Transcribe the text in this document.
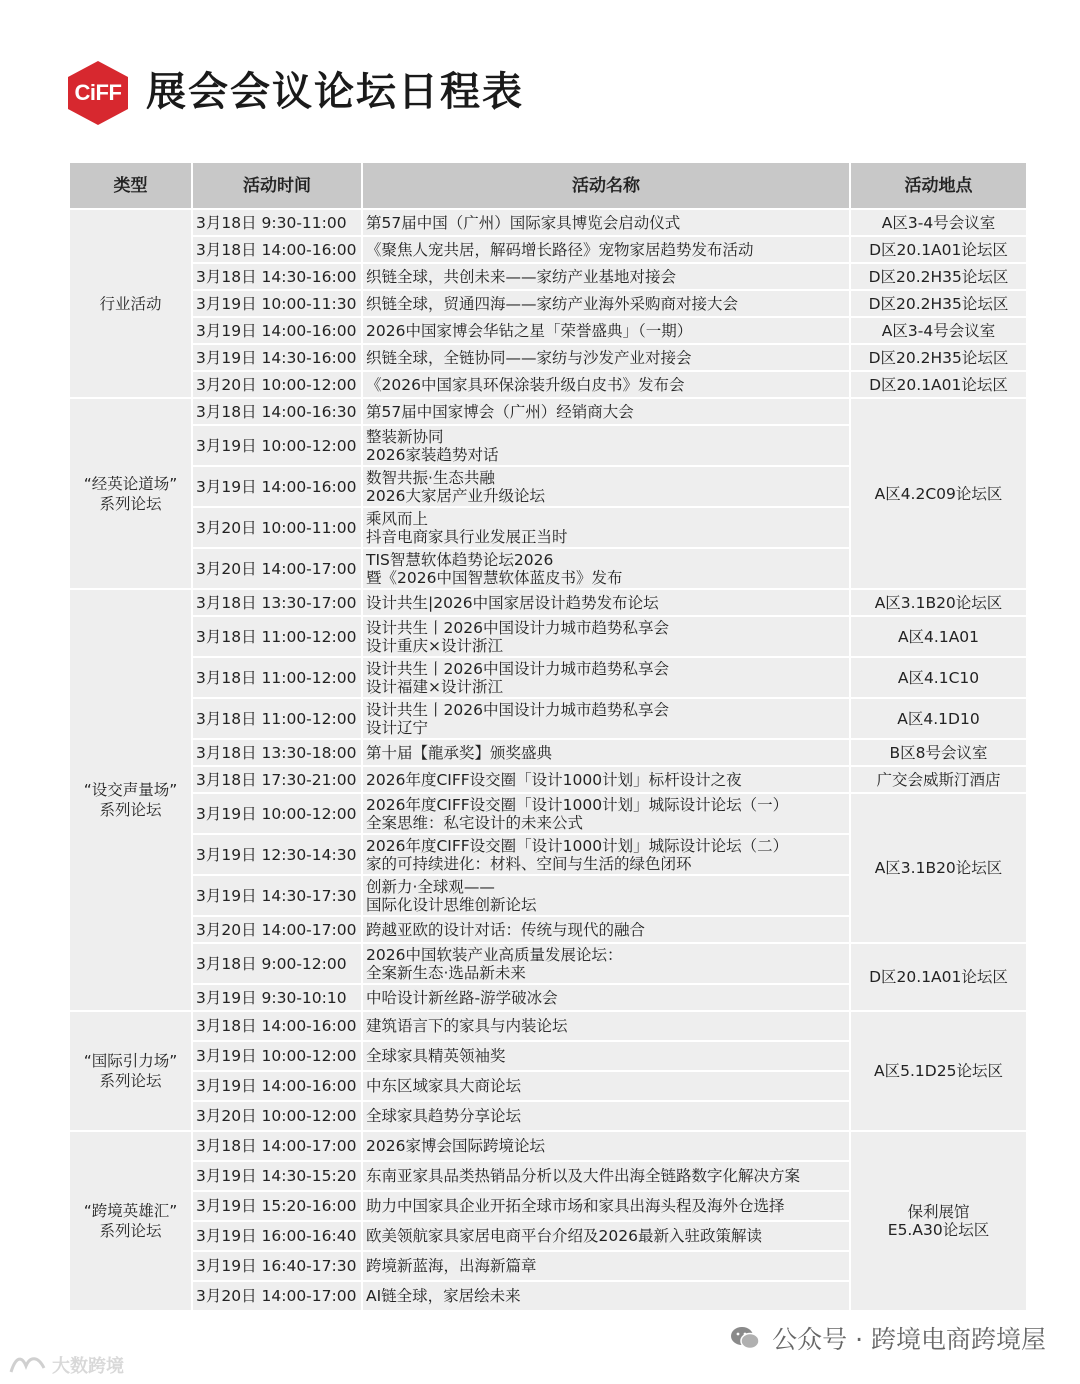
CiFF 展会会议论坛日程表
类型	活动时间	活动名称	活动地点

行业活动	3月18日 9:30-11:00	第57届中国（广州）国际家具博览会启动仪式	A区3-4号会议室

	3月18日 14:00-16:00	《聚焦人宠共居，解码增长路径》宠物家居趋势发布活动	D区20.1A01论坛区

	3月18日 14:30-16:00	织链全球，共创未来——家纺产业基地对接会	D区20.2H35论坛区

	3月19日 10:00-11:30	织链全球，贸通四海——家纺产业海外采购商对接大会	D区20.2H35论坛区

	3月19日 14:00-16:00	2026中国家博会华钻之星「荣誉盛典」（一期）	A区3-4号会议室

	3月19日 14:30-16:00	织链全球，全链协同——家纺与沙发产业对接会	D区20.2H35论坛区

	3月20日 10:00-12:00	《2026中国家具环保涂装升级白皮书》发布会	D区20.1A01论坛区

“经英论道场”
系列论坛	3月18日 14:00-16:30	第57届中国家博会（广州）经销商大会	A区4.2C09论坛区

	3月19日 10:00-12:00	整装新协同
2026家装趋势对话	

	3月19日 14:00-16:00	数智共振·生态共融
2026大家居产业升级论坛	

	3月20日 10:00-11:00	乘风而上
抖音电商家具行业发展正当时	

	3月20日 14:00-17:00	TIS智慧软体趋势论坛2026
暨《2026中国智慧软体蓝皮书》发布	

“设交声量场”
系列论坛	3月18日 13:30-17:00	设计共生|2026中国家居设计趋势发布论坛	A区3.1B20论坛区

	3月18日 11:00-12:00	设计共生丨2026中国设计力城市趋势私享会
设计重庆×设计浙江	A区4.1A01

	3月18日 11:00-12:00	设计共生丨2026中国设计力城市趋势私享会
设计福建×设计浙江	A区4.1C10

	3月18日 11:00-12:00	设计共生丨2026中国设计力城市趋势私享会
设计辽宁	A区4.1D10

	3月18日 13:30-18:00	第十届【龍承奖】颁奖盛典	B区8号会议室

	3月18日 17:30-21:00	2026年度CIFF设交圈「设计1000计划」标杆设计之夜	广交会威斯汀酒店

	3月19日 10:00-12:00	2026年度CIFF设交圈「设计1000计划」城际设计论坛（一）
全案思维：私宅设计的未来公式	A区3.1B20论坛区

	3月19日 12:30-14:30	2026年度CIFF设交圈「设计1000计划」城际设计论坛（二）
家的可持续进化：材料、空间与生活的绿色闭环	

	3月19日 14:30-17:30	创新力·全球观——
国际化设计思维创新论坛	

	3月20日 14:00-17:00	跨越亚欧的设计对话：传统与现代的融合	

	3月18日 9:00-12:00	2026中国软装产业高质量发展论坛：
全案新生态·选品新未来	D区20.1A01论坛区

	3月19日 9:30-10:10	中哈设计新丝路-游学破冰会	

“国际引力场”
系列论坛	3月18日 14:00-16:00	建筑语言下的家具与内装论坛	A区5.1D25论坛区

	3月19日 10:00-12:00	全球家具精英领袖奖	

	3月19日 14:00-16:00	中东区域家具大商论坛	

	3月20日 10:00-12:00	全球家具趋势分享论坛	

“跨境英雄汇”
系列论坛	3月18日 14:00-17:00	2026家博会国际跨境论坛	保利展馆
E5.A30论坛区

	3月19日 14:30-15:20	东南亚家具品类热销品分析以及大件出海全链路数字化解决方案	

	3月19日 15:20-16:00	助力中国家具企业开拓全球市场和家具出海头程及海外仓选择	

	3月19日 16:00-16:40	欧美领航家具家居电商平台介绍及2026最新入驻政策解读	

	3月19日 16:40-17:30	跨境新蓝海，出海新篇章	

	3月20日 14:00-17:00	AI链全球，家居绘未来	
公众号 · 跨境电商跨境屋
大数跨境
